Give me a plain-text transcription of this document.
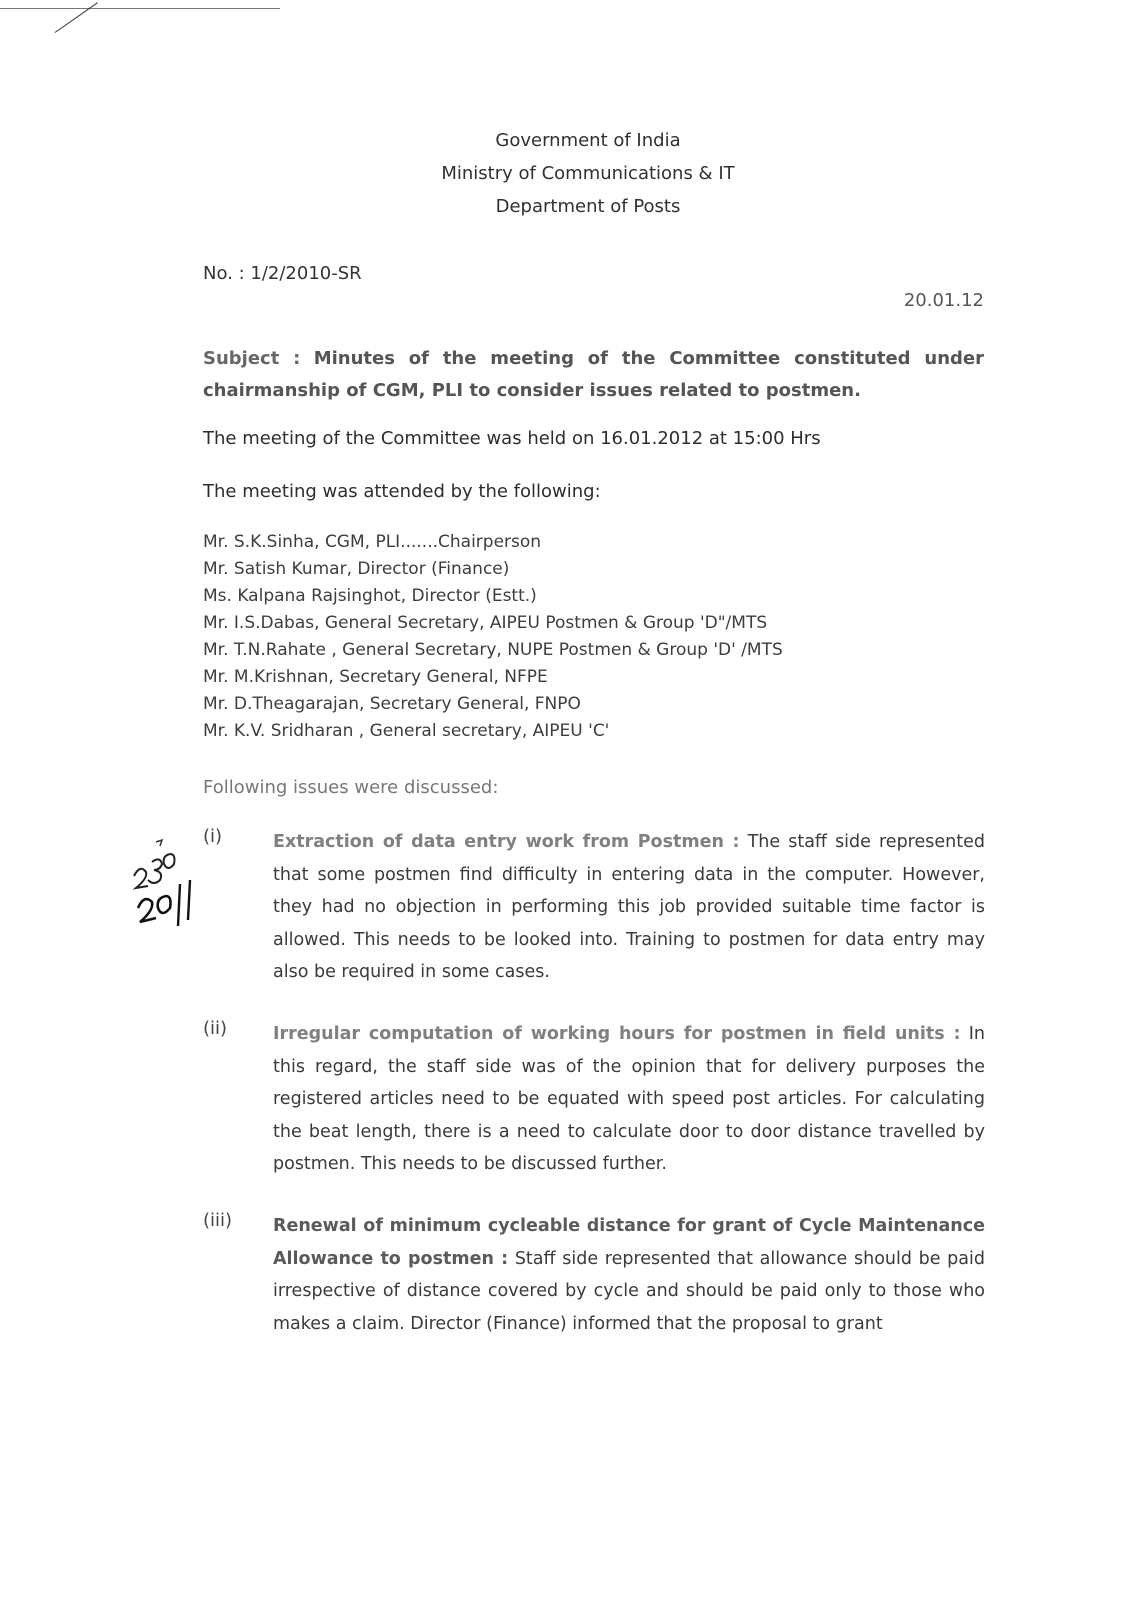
Government of India
Ministry of Communications & IT
Department of Posts
No. : 1/2/2010-SR
20.01.12
Subject : Minutes of the meeting of the Committee constituted under chairmanship of CGM, PLI to consider issues related to postmen.
The meeting of the Committee was held on 16.01.2012 at 15:00 Hrs
The meeting was attended by the following:
Mr. S.K.Sinha, CGM, PLI.......Chairperson
Mr. Satish Kumar, Director (Finance)
Ms. Kalpana Rajsinghot, Director (Estt.)
Mr. I.S.Dabas, General Secretary, AIPEU Postmen & Group 'D"/MTS
Mr. T.N.Rahate , General Secretary, NUPE Postmen & Group 'D' /MTS
Mr. M.Krishnan, Secretary General, NFPE
Mr. D.Theagarajan, Secretary General, FNPO
Mr. K.V. Sridharan , General secretary, AIPEU 'C'
Following issues were discussed:
(i)	Extraction of data entry work from Postmen : The staff side represented that some postmen find difficulty in entering data in the computer. However, they had no objection in performing this job provided suitable time factor is allowed. This needs to be looked into. Training to postmen for data entry may also be required in some cases.
(ii)	Irregular computation of working hours for postmen in field units : In this regard, the staff side was of the opinion that for delivery purposes the registered articles need to be equated with speed post articles. For calculating the beat length, there is a need to calculate door to door distance travelled by postmen. This needs to be discussed further.
(iii) Renewal of minimum cycleable distance for grant of Cycle Maintenance Allowance to postmen : Staff side represented that allowance should be paid irrespective of distance covered by cycle and should be paid only to those who makes a claim. Director (Finance) informed that the proposal to grant
